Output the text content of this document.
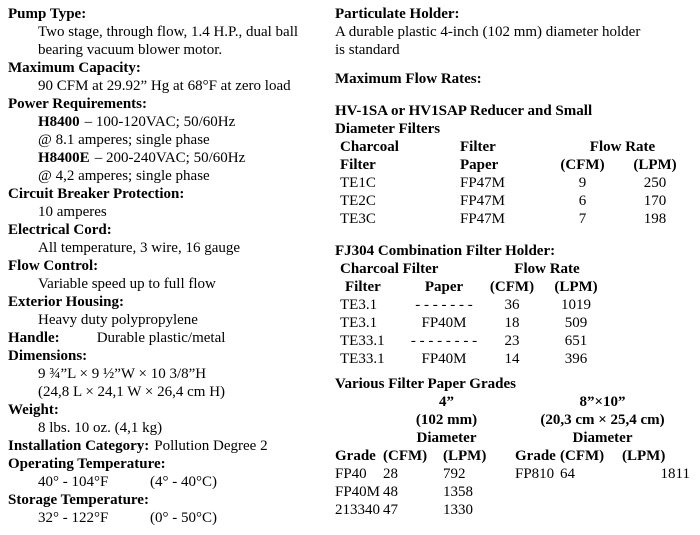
Pump Type:
Two stage, through flow, 1.4 H.P., dual ball
bearing vacuum blower motor.
Maximum Capacity:
90 CFM at 29.92” Hg at 68°F at zero load
Power Requirements:
H8400 – 100-120VAC; 50/60Hz
@ 8.1 amperes; single phase
H8400E – 200-240VAC; 50/60Hz
@ 4,2 amperes; single phase
Circuit Breaker Protection:
10 amperes
Electrical Cord:
All temperature, 3 wire, 16 gauge
Flow Control:
Variable speed up to full flow
Exterior Housing:
Heavy duty polypropylene
Handle: Durable plastic/metal
Dimensions:
9 ¾”L × 9 ½”W × 10 3/8”H
(24,8 L × 24,1 W × 26,4 cm H)
Weight:
8 lbs. 10 oz. (4,1 kg)
Installation Category: Pollution Degree 2
Operating Temperature:
40° - 104°F	(4° - 40°C)
Storage Temperature:
32° - 122°F	(0° - 50°C)
Particulate Holder:
A durable plastic 4-inch (102 mm) diameter holder
is standard
Maximum Flow Rates:
HV-1SA or HV1SAP Reducer and Small
Diameter Filters
Charcoal	Filter	Flow Rate
Filter	Paper	(CFM)	(LPM)
TE1C	FP47M	9	250
TE2C	FP47M	6	170
TE3C	FP47M	7	198
FJ304 Combination Filter Holder:
Charcoal Filter	Flow Rate
Filter	Paper	(CFM)	(LPM)
TE3.1	- - - - - - -	36	1019
TE3.1	FP40M	18	509
TE33.1	- - - - - - - -	23	651
TE33.1	FP40M	14	396
Various Filter Paper Grades
4”	8”×10”
(102 mm)	(20,3 cm × 25,4 cm)
Diameter	Diameter
Grade (CFM)	(LPM)	Grade (CFM)	(LPM)
FP40	28	792	FP810 64	1811
FP40M 48	1358
213340 47	1330
